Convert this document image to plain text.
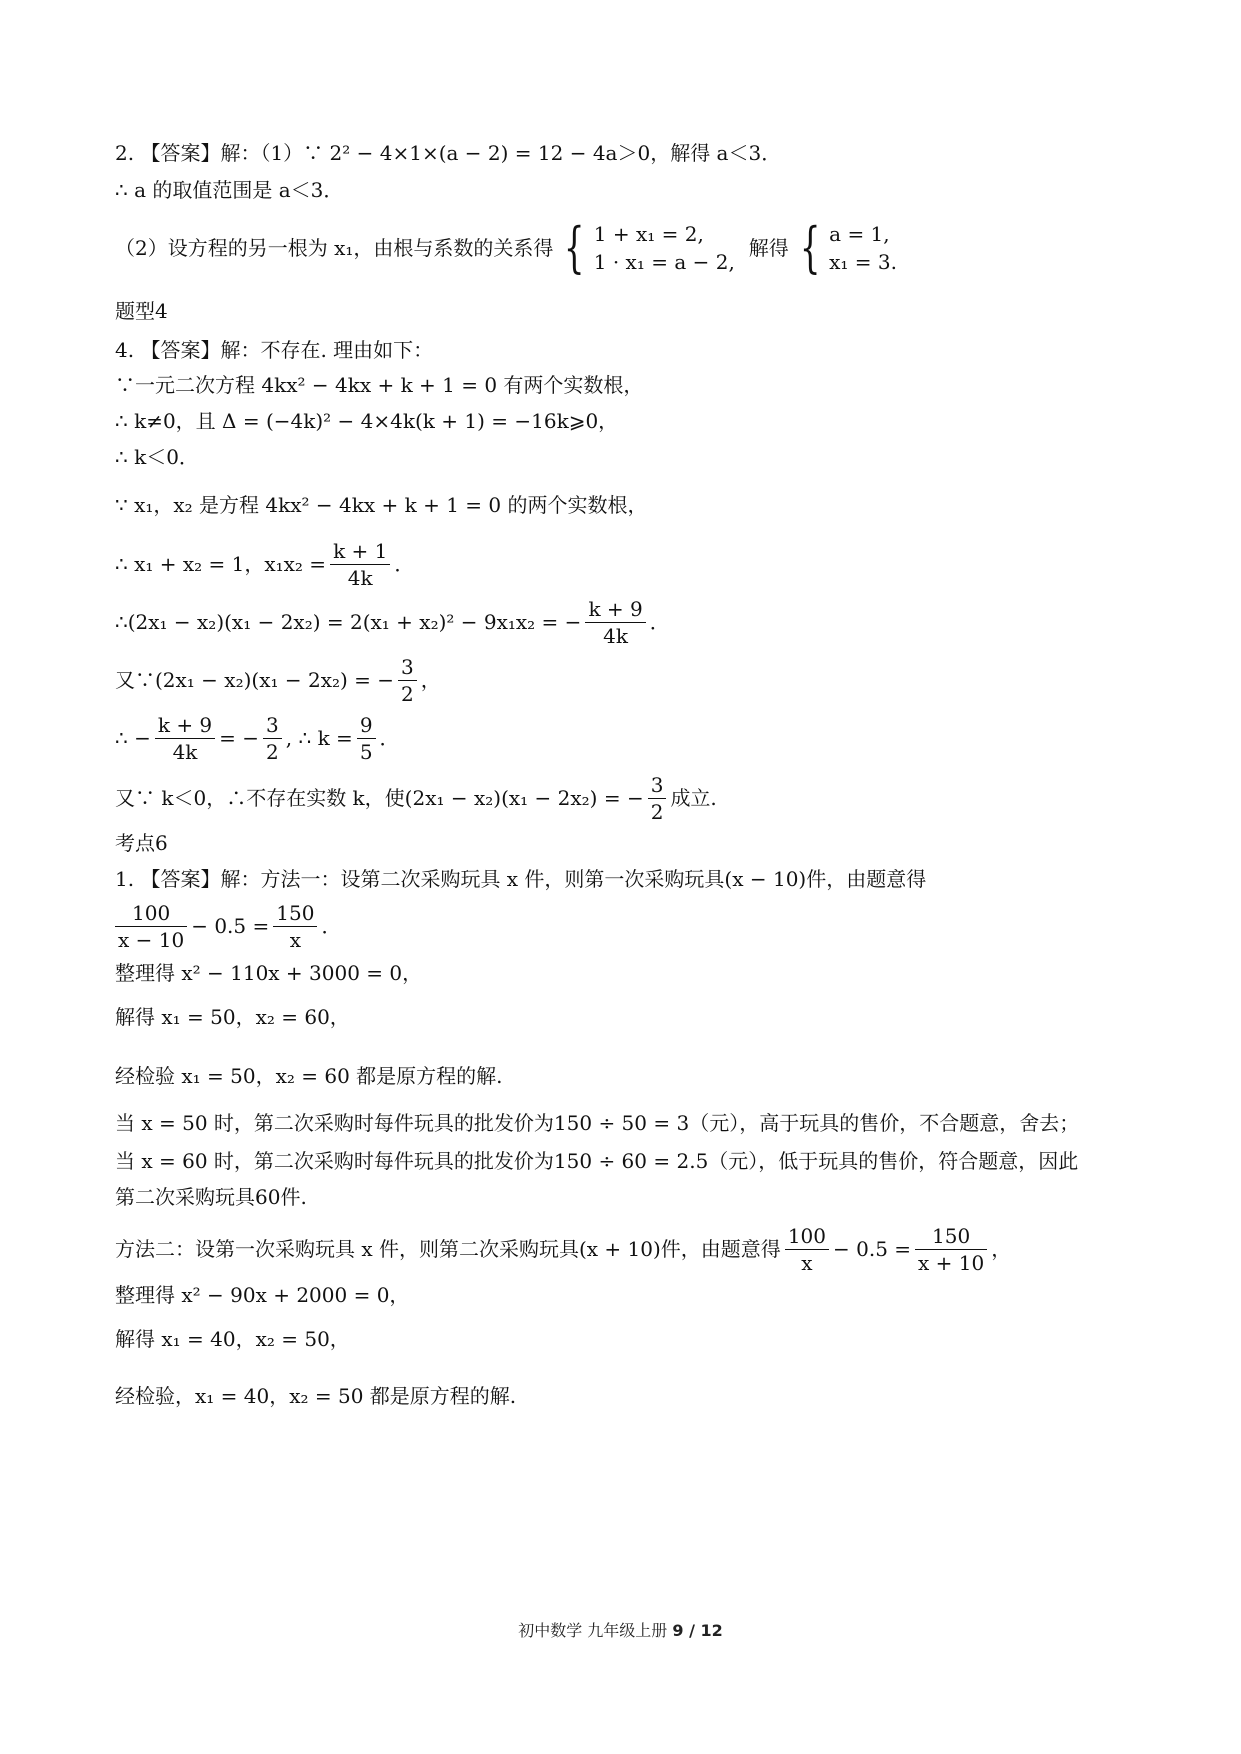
2. 【答案】解：（1）∵ 2² − 4×1×(a − 2) = 12 − 4a＞0，解得 a＜3．
∴ a 的取值范围是 a＜3．
（2）设方程的另一根为 x₁，由根与系数的关系得 { 1 + x₁ = 2,
1 · x₁ = a − 2,
解得 { a = 1,
x₁ = 3.
题型4
4. 【答案】解：不存在. 理由如下：
∵一元二次方程 4kx² − 4kx + k + 1 = 0 有两个实数根，
∴ k≠0，且 Δ = (−4k)² − 4×4k(k + 1) = −16k⩾0，
∴ k＜0．
∵ x₁，x₂ 是方程 4kx² − 4kx + k + 1 = 0 的两个实数根，
∴ x₁ + x₂ = 1，$x_1x_2 = \frac{k + 1}{4k}$ ．
∴(2x₁ − x₂)(x₁ − 2x₂) = 2(x₁ + x₂)² − 9x₁x₂ = − $\frac{k + 9}{4k}$ ．
又∵(2x₁ − x₂)(x₁ − 2x₂) = − $\frac{3}{2}$ ，
∴ − $\frac{k + 9}{4k}$ = − $\frac{3}{2}$ , ∴ $k = \frac{9}{5}$ ．
又∵ k＜0，∴不存在实数 k，使(2x₁ − x₂)(x₁ − 2x₂) = − $\frac{3}{2}$ 成立.
考点6
1. 【答案】解：方法一：设第二次采购玩具 x 件，则第一次采购玩具(x − 10)件，由题意得
$\frac{100}{x - 10} - 0.5 = \frac{150}{x}$ ．
整理得 x² − 110x + 3000 = 0，
解得 x₁ = 50，x₂ = 60，
经检验 x₁ = 50，x₂ = 60 都是原方程的解.
当 x = 50 时，第二次采购时每件玩具的批发价为150 ÷ 50 = 3（元），高于玩具的售价，不合题意，舍去；
当 x = 60 时，第二次采购时每件玩具的批发价为150 ÷ 60 = 2.5（元），低于玩具的售价，符合题意，因此
第二次采购玩具60件.
方法二：设第一次采购玩具 x 件，则第二次采购玩具(x + 10)件，由题意得 $\frac{100}{x} - 0.5 = \frac{150}{x + 10}$ ，
整理得 x² − 90x + 2000 = 0，
解得 x₁ = 40，x₂ = 50，
经检验，x₁ = 40，x₂ = 50 都是原方程的解.
初中数学 九年级上册 9 / 12
